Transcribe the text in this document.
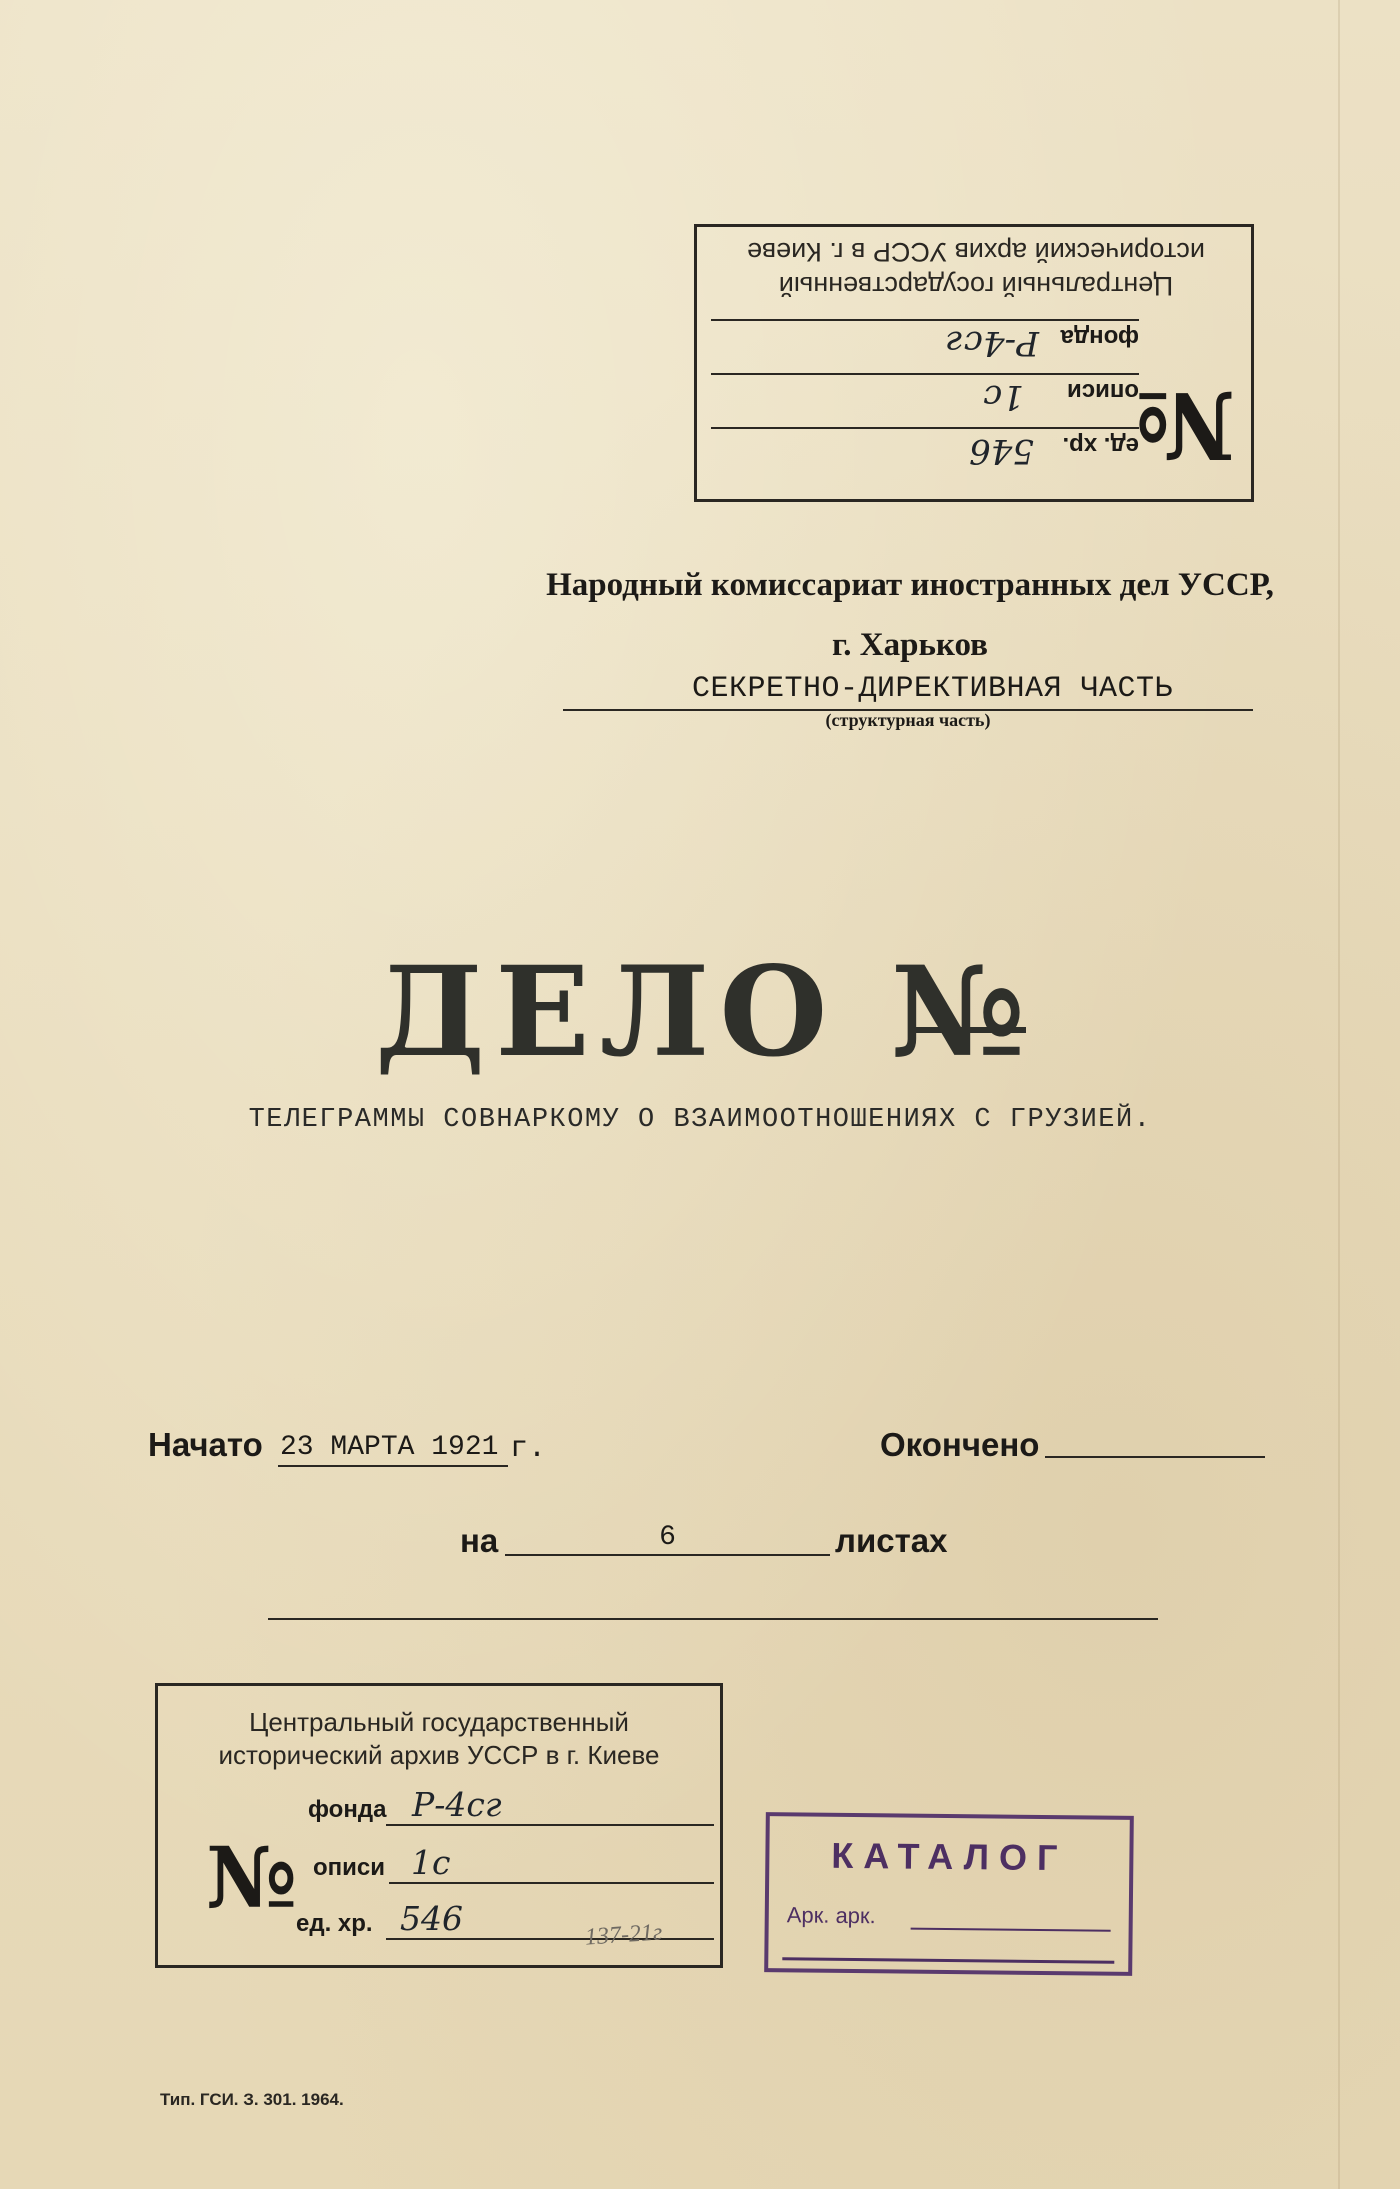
№
ед. хр.
546
описи
1с
фонда
Р-4сг
Центральный государственный исторический архив УССР в г. Киеве
Народный комиссариат иностранных дел УССР,
г. Харьков
СЕКРЕТНО-ДИРЕКТИВНАЯ ЧАСТЬ
(структурная часть)
ДЕЛО №
ТЕЛЕГРАММЫ СОВНАРКОМУ О ВЗАИМООТНОШЕНИЯХ С ГРУЗИЕЙ.
Начато 23 МАРТА 1921 г.	Окончено
на	6	листах
Центральный государственный
исторический архив УССР в г. Киеве
№
фонда Р-4сг
описи 1с
ед. хр. 546	137-21г
КАТАЛОГ
Арк. арк.
Тип. ГСИ. З. 301. 1964.
